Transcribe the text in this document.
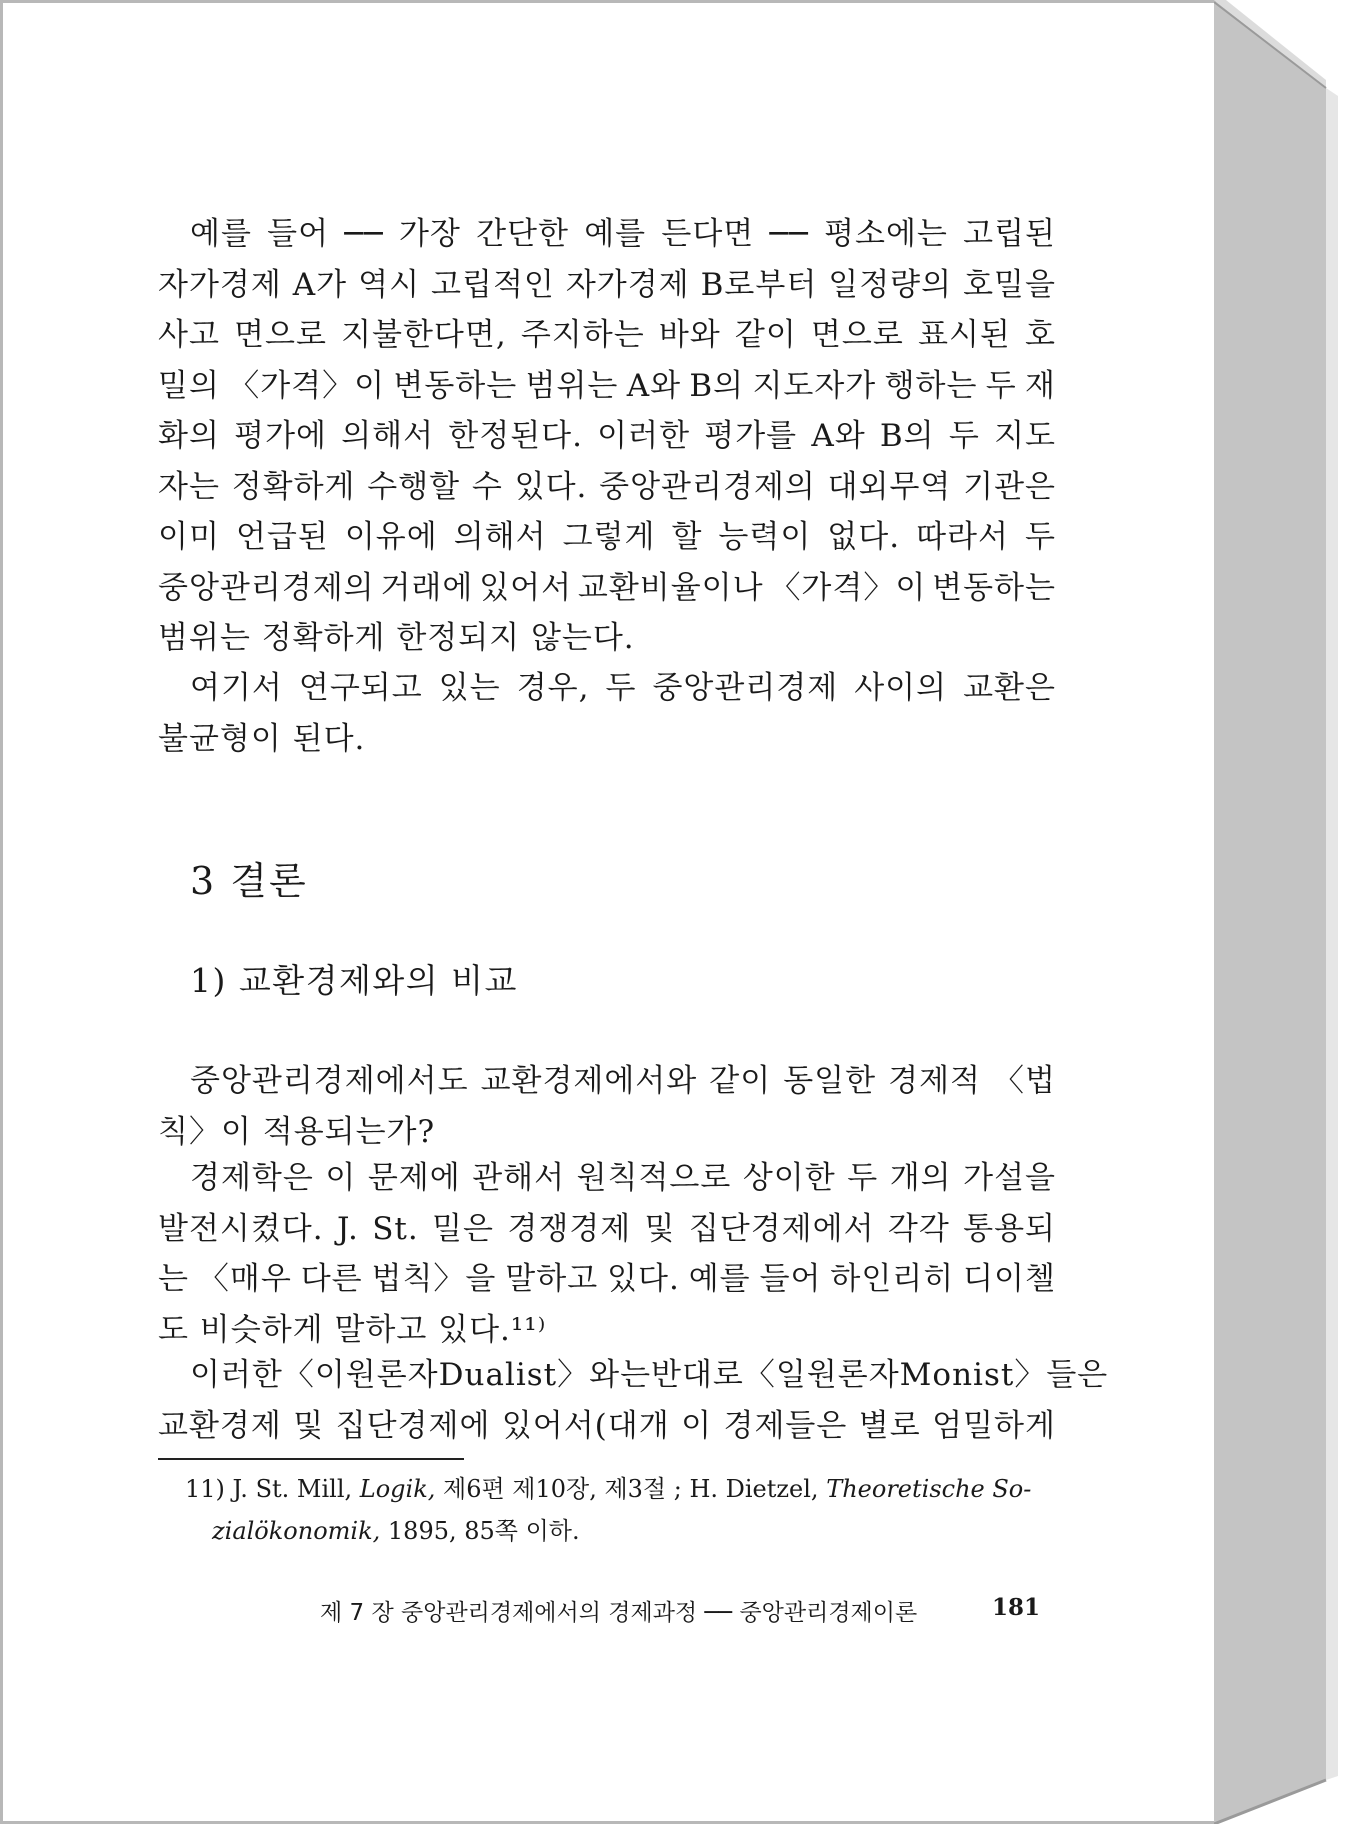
예를 들어 ── 가장 간단한 예를 든다면 ── 평소에는 고립된
자가경제 A가 역시 고립적인 자가경제 B로부터 일정량의 호밀을
사고 면으로 지불한다면, 주지하는 바와 같이 면으로 표시된 호
밀의 〈가격〉이 변동하는 범위는 A와 B의 지도자가 행하는 두 재
화의 평가에 의해서 한정된다. 이러한 평가를 A와 B의 두 지도
자는 정확하게 수행할 수 있다. 중앙관리경제의 대외무역 기관은
이미 언급된 이유에 의해서 그렇게 할 능력이 없다. 따라서 두
중앙관리경제의 거래에 있어서 교환비율이나 〈가격〉이 변동하는
범위는 정확하게 한정되지 않는다.
여기서 연구되고 있는 경우, 두 중앙관리경제 사이의 교환은
불균형이 된다.
3 결론
1) 교환경제와의 비교
중앙관리경제에서도 교환경제에서와 같이 동일한 경제적 〈법
칙〉이 적용되는가?
경제학은 이 문제에 관해서 원칙적으로 상이한 두 개의 가설을
발전시켰다. J. St. 밀은 경쟁경제 및 집단경제에서 각각 통용되
는 〈매우 다른 법칙〉을 말하고 있다. 예를 들어 하인리히 디이첼
도 비슷하게 말하고 있다.¹¹⁾
이러한 〈이원론자 Dualist〉와는 반대로 〈일원론자 Monist〉들은
교환경제 및 집단경제에 있어서(대개 이 경제들은 별로 엄밀하게
11) J. St. Mill, Logik, 제6편 제10장, 제3절 ; H. Dietzel, Theoretische So-
zialökonomik, 1895, 85쪽 이하.
제 7 장 중앙관리경제에서의 경제과정 ── 중앙관리경제이론	181
